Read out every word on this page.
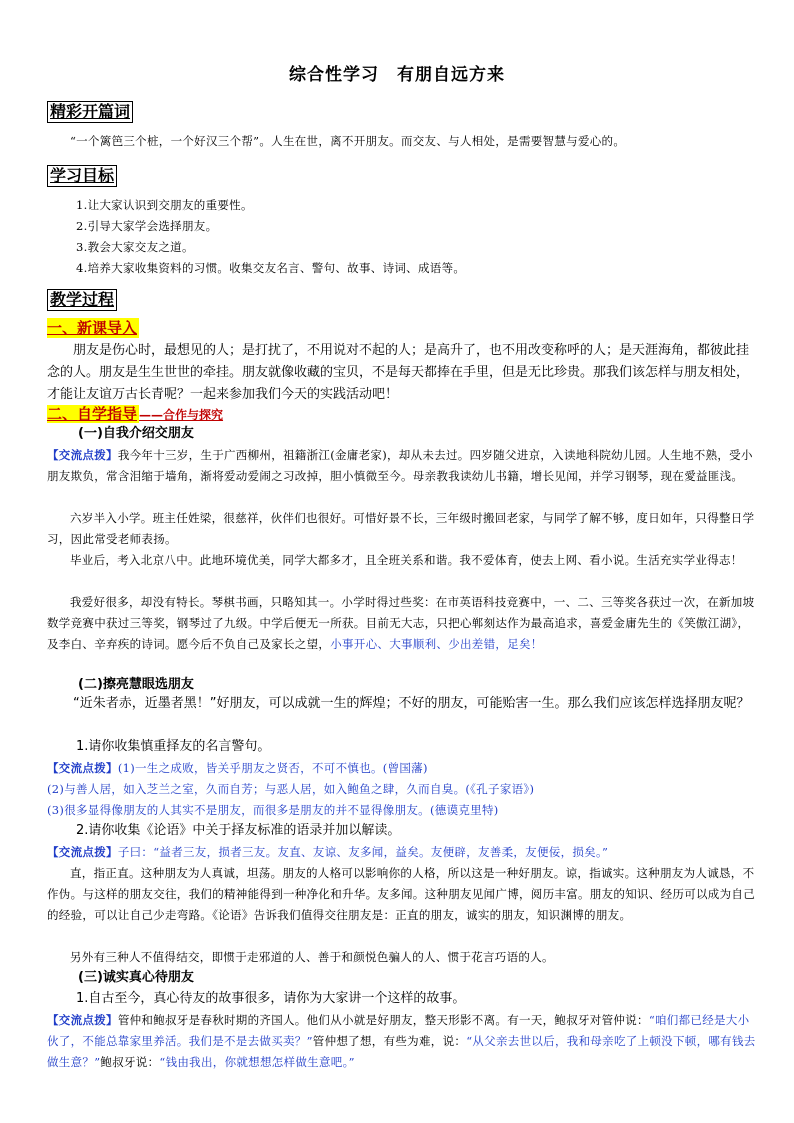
综合性学习　有朋自远方来
精彩开篇词
“一个篱笆三个桩，一个好汉三个帮”。人生在世，离不开朋友。而交友、与人相处，是需要智慧与爱心的。
学习目标
1.让大家认识到交朋友的重要性。
2.引导大家学会选择朋友。
3.教会大家交友之道。
4.培养大家收集资料的习惯。收集交友名言、警句、故事、诗词、成语等。
教学过程
一、新课导入
朋友是伤心时，最想见的人；是打扰了，不用说对不起的人；是高升了，也不用改变称呼的人；是天涯海角，都彼此挂念的人。朋友是生生世世的牵挂。朋友就像收藏的宝贝，不是每天都捧在手里，但是无比珍贵。那我们该怎样与朋友相处，才能让友谊万古长青呢？一起来参加我们今天的实践活动吧！
二、自学指导 ——合作与探究
(一)自我介绍交朋友
【交流点拨】我今年十三岁，生于广西柳州，祖籍浙江(金庸老家)，却从未去过。四岁随父进京，入读地科院幼儿园。人生地不熟，受小朋友欺负，常含泪缩于墙角，渐将爱动爱闹之习改掉，胆小慎微至今。母亲教我读幼儿书籍，增长见闻，并学习钢琴，现在愛益匪浅。
六岁半入小学。班主任姓梁，很慈祥，伙伴们也很好。可惜好景不长，三年级时搬回老家，与同学了解不够，度日如年，只得整日学习，因此常受老师表扬。
毕业后，考入北京八中。此地环境优美，同学大都多才，且全班关系和谐。我不爱体育，使去上网、看小说。生活充实学业得志！
我爱好很多，却没有特长。琴棋书画，只略知其一。小学时得过些奖：在市英语科技竞赛中，一、二、三等奖各获过一次，在新加坡数学竞赛中获过三等奖，钢琴过了九级。中学后便无一所获。目前无大志，只把心郸刻达作为最高追求，喜爱金庸先生的《笑傲江湖》，及李白、辛弃疾的诗词。愿今后不负自己及家长之望，小事开心、大事顺利、少出差错，足矣！
(二)擦亮慧眼选朋友
“近朱者赤，近墨者黑！”好朋友，可以成就一生的辉煌；不好的朋友，可能贻害一生。那么我们应该怎样选择朋友呢？
1.请你收集慎重择友的名言警句。
【交流点拨】(1)一生之成败，皆关乎朋友之贤否，不可不慎也。(曾国藩)
(2)与善人居，如入芝兰之室，久而自芳；与恶人居，如入鲍鱼之肆，久而自臭。(《孔子家语》)
(3)很多显得像朋友的人其实不是朋友，而很多是朋友的并不显得像朋友。(德谟克里特)
2.请你收集《论语》中关于择友标准的语录并加以解读。
【交流点拨】子曰：“益者三友，损者三友。友直、友谅、友多闻，益矣。友便辟，友善柔，友便佞，损矣。”
直，指正直。这种朋友为人真诚，坦荡。朋友的人格可以影响你的人格，所以这是一种好朋友。谅，指诚实。这种朋友为人诚恳，不作伪。与这样的朋友交往，我们的精神能得到一种净化和升华。友多闻。这种朋友见闻广博，阅历丰富。朋友的知识、经历可以成为自己的经验，可以让自己少走弯路。《论语》告诉我们值得交往朋友是：正直的朋友，诚实的朋友，知识渊博的朋友。
另外有三种人不值得结交，即惯于走邪道的人、善于和颜悦色骗人的人、惯于花言巧语的人。
(三)诚实真心待朋友
1.自古至今，真心待友的故事很多，请你为大家讲一个这样的故事。
【交流点拨】管仲和鲍叔牙是春秋时期的齐国人。他们从小就是好朋友，整天形影不离。有一天，鲍叔牙对管仲说：“咱们都已经是大小伙了，不能总靠家里养活。我们是不是去做买卖？”管仲想了想，有些为难，说：“从父亲去世以后，我和母亲吃了上顿没下顿，哪有钱去做生意？”鲍叔牙说：“钱由我出，你就想想怎样做生意吧。”
